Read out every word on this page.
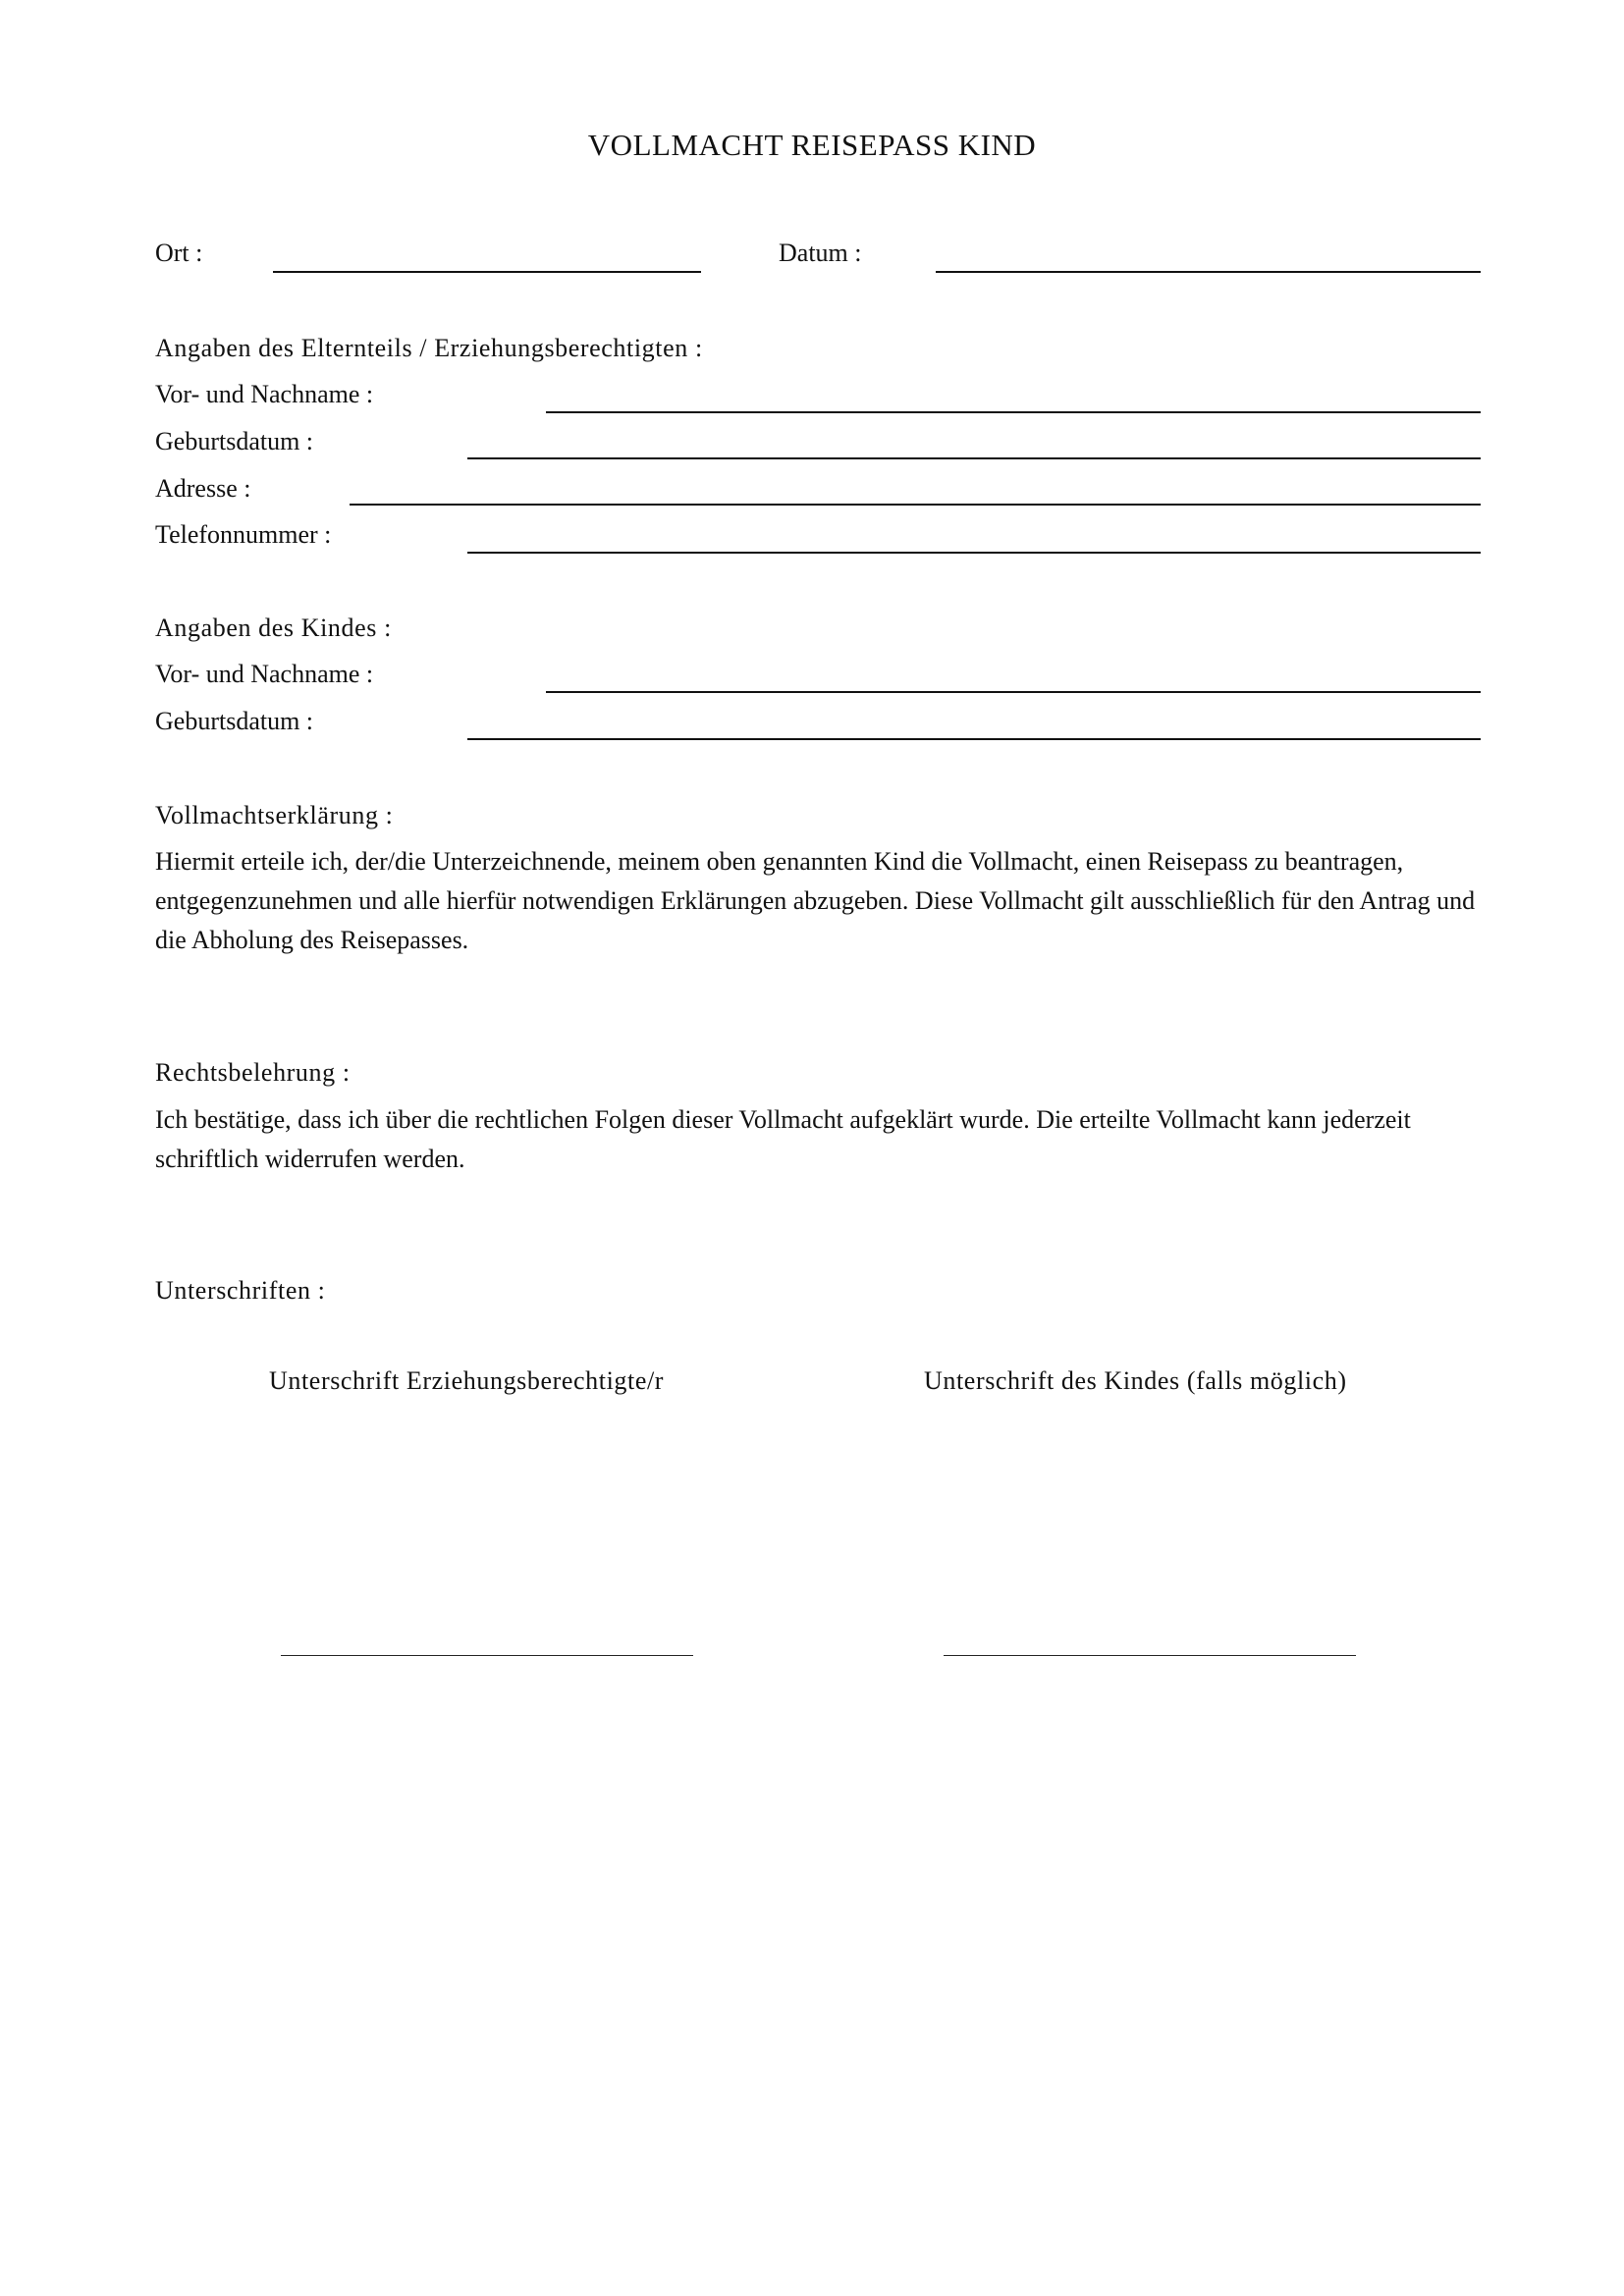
VOLLMACHT REISEPASS KIND
Ort :	Datum :
Angaben des Elternteils / Erziehungsberechtigten :
Vor- und Nachname :
Geburtsdatum :
Adresse :
Telefonnummer :
Angaben des Kindes :
Vor- und Nachname :
Geburtsdatum :
Vollmachtserklärung :
Hiermit erteile ich, der/die Unterzeichnende, meinem oben genannten Kind die Vollmacht, einen Reisepass zu beantragen, entgegenzunehmen und alle hierfür notwendigen Erklärungen abzugeben. Diese Vollmacht gilt ausschließlich für den Antrag und die Abholung des Reisepasses.
Rechtsbelehrung :
Ich bestätige, dass ich über die rechtlichen Folgen dieser Vollmacht aufgeklärt wurde. Die erteilte Vollmacht kann jederzeit schriftlich widerrufen werden.
Unterschriften :
Unterschrift Erziehungsberechtigte/r	Unterschrift des Kindes (falls möglich)
